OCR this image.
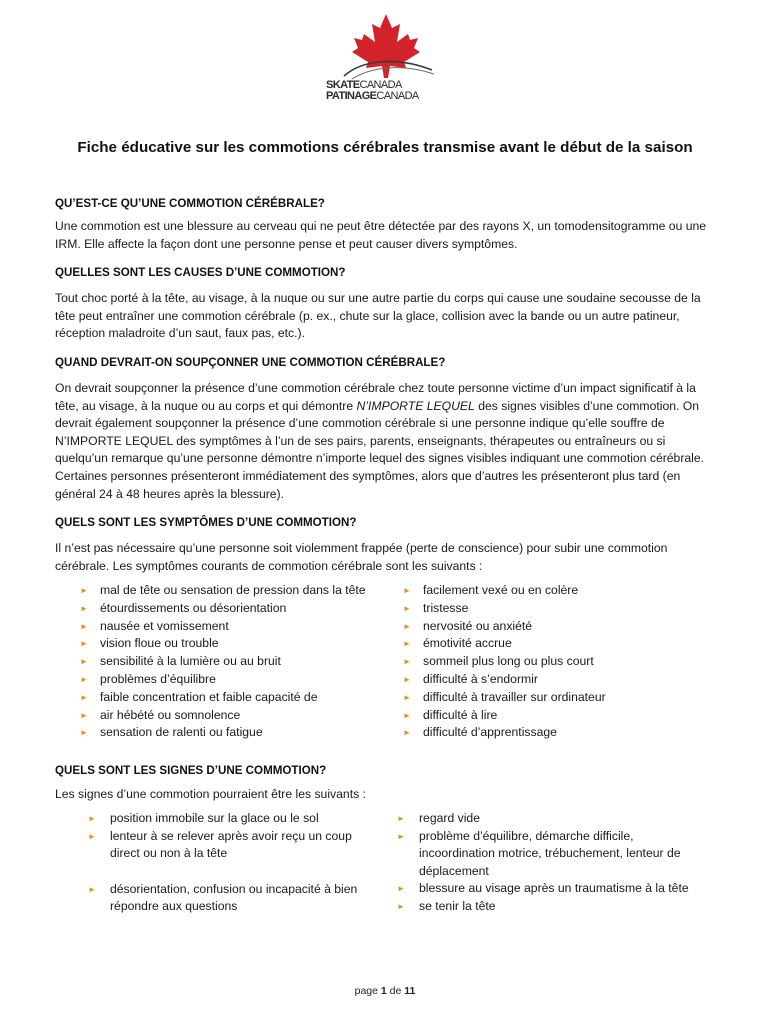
SKATECANADA
PATINAGECANADA
Fiche éducative sur les commotions cérébrales transmise avant le début de la saison
QU’EST-CE QU’UNE COMMOTION CÉRÉBRALE?
Une commotion est une blessure au cerveau qui ne peut être détectée par des rayons X, un tomodensitogramme ou une IRM. Elle affecte la façon dont une personne pense et peut causer divers symptômes.
QUELLES SONT LES CAUSES D’UNE COMMOTION?
Tout choc porté à la tête, au visage, à la nuque ou sur une autre partie du corps qui cause une soudaine secousse de la tête peut entraîner une commotion cérébrale (p. ex., chute sur la glace, collision avec la bande ou un autre patineur, réception maladroite d’un saut, faux pas, etc.).
QUAND DEVRAIT-ON SOUPÇONNER UNE COMMOTION CÉRÉBRALE?
On devrait soupçonner la présence d’une commotion cérébrale chez toute personne victime d’un impact significatif à la tête, au visage, à la nuque ou au corps et qui démontre N’IMPORTE LEQUEL des signes visibles d’une commotion. On devrait également soupçonner la présence d’une commotion cérébrale si une personne indique qu’elle souffre de N’IMPORTE LEQUEL des symptômes à l’un de ses pairs, parents, enseignants, thérapeutes ou entraîneurs ou si quelqu’un remarque qu’une personne démontre n’importe lequel des signes visibles indiquant une commotion cérébrale. Certaines personnes présenteront immédiatement des symptômes, alors que d’autres les présenteront plus tard (en général 24 à 48 heures après la blessure).
QUELS SONT LES SYMPTÔMES D’UNE COMMOTION?
Il n’est pas nécessaire qu’une personne soit violemment frappée (perte de conscience) pour subir une commotion cérébrale. Les symptômes courants de commotion cérébrale sont les suivants :
► mal de tête ou sensation de pression dans la tête
► étourdissements ou désorientation
► nausée et vomissement
► vision floue ou trouble
► sensibilité à la lumière ou au bruit
► problèmes d’équilibre
► faible concentration et faible capacité de
► air hébété ou somnolence
► sensation de ralenti ou fatigue
► facilement vexé ou en colère
► tristesse
► nervosité ou anxiété
► émotivité accrue
► sommeil plus long ou plus court
► difficulté à s’endormir
► difficulté à travailler sur ordinateur
► difficulté à lire
► difficulté d’apprentissage
QUELS SONT LES SIGNES D’UNE COMMOTION?
Les signes d’une commotion pourraient être les suivants :
► position immobile sur la glace ou le sol
► lenteur à se relever après avoir reçu un coup direct ou non à la tête
► désorientation, confusion ou incapacité à bien répondre aux questions
► regard vide
► problème d’équilibre, démarche difficile, incoordination motrice, trébuchement, lenteur de déplacement
► blessure au visage après un traumatisme à la tête
► se tenir la tête
page 1 de 11
